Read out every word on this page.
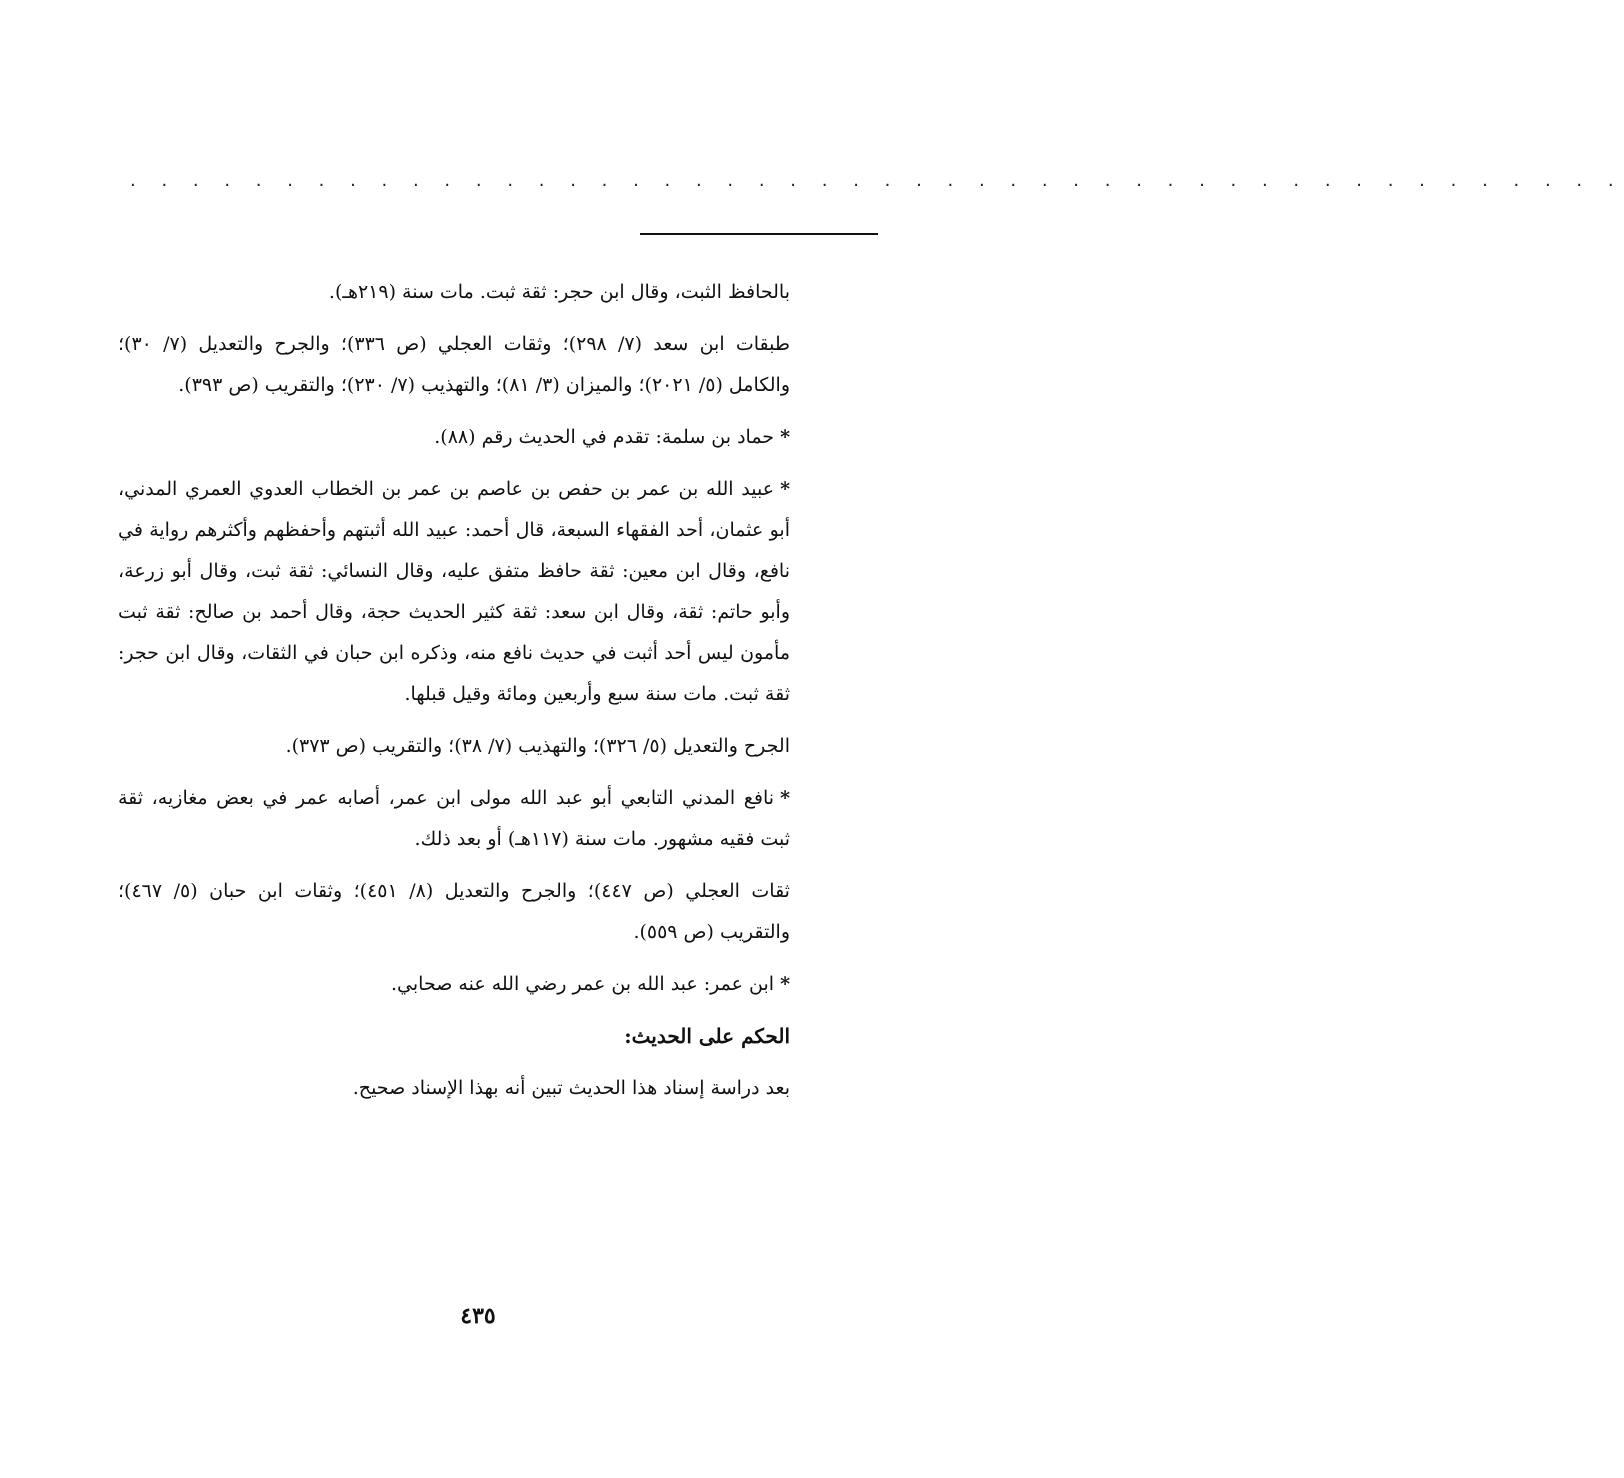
. . . . . . . . . . . . . . . . . . . . . . . . . . . . . . . . . . . . . . . . . . . . . . . .

بالحافظ الثبت، وقال ابن حجر: ثقة ثبت. مات سنة (٢١٩هـ).

طبقات ابن سعد (٧/ ٢٩٨)؛ وثقات العجلي (ص ٣٣٦)؛ والجرح والتعديل (٧/ ٣٠)؛ والكامل (٥/ ٢٠٢١)؛ والميزان (٣/ ٨١)؛ والتهذيب (٧/ ٢٣٠)؛ والتقريب (ص ٣٩٣).

*حماد بن سلمة: تقدم في الحديث رقم (٨٨).

*عبيد الله بن عمر بن حفص بن عاصم بن عمر بن الخطاب العدوي العمري المدني، أبو عثمان، أحد الفقهاء السبعة، قال أحمد: عبيد الله أثبتهم وأحفظهم وأكثرهم رواية في نافع، وقال ابن معين: ثقة حافظ متفق عليه، وقال النسائي: ثقة ثبت، وقال أبو زرعة، وأبو حاتم: ثقة، وقال ابن سعد: ثقة كثير الحديث حجة، وقال أحمد بن صالح: ثقة ثبت مأمون ليس أحد أثبت في حديث نافع منه، وذكره ابن حبان في الثقات، وقال ابن حجر: ثقة ثبت. مات سنة سبع وأربعين ومائة وقيل قبلها.

الجرح والتعديل (٥/ ٣٢٦)؛ والتهذيب (٧/ ٣٨)؛ والتقريب (ص ٣٧٣).

*نافع المدني التابعي أبو عبد الله مولى ابن عمر، أصابه عمر في بعض مغازيه، ثقة ثبت فقيه مشهور. مات سنة (١١٧هـ) أو بعد ذلك.

ثقات العجلي (ص ٤٤٧)؛ والجرح والتعديل (٨/ ٤٥١)؛ وثقات ابن حبان (٥/ ٤٦٧)؛ والتقريب (ص ٥٥٩).

*ابن عمر: عبد الله بن عمر رضي الله عنه صحابي.

الحكم على الحديث:

بعد دراسة إسناد هذا الحديث تبين أنه بهذا الإسناد صحيح.

٤٣٥
